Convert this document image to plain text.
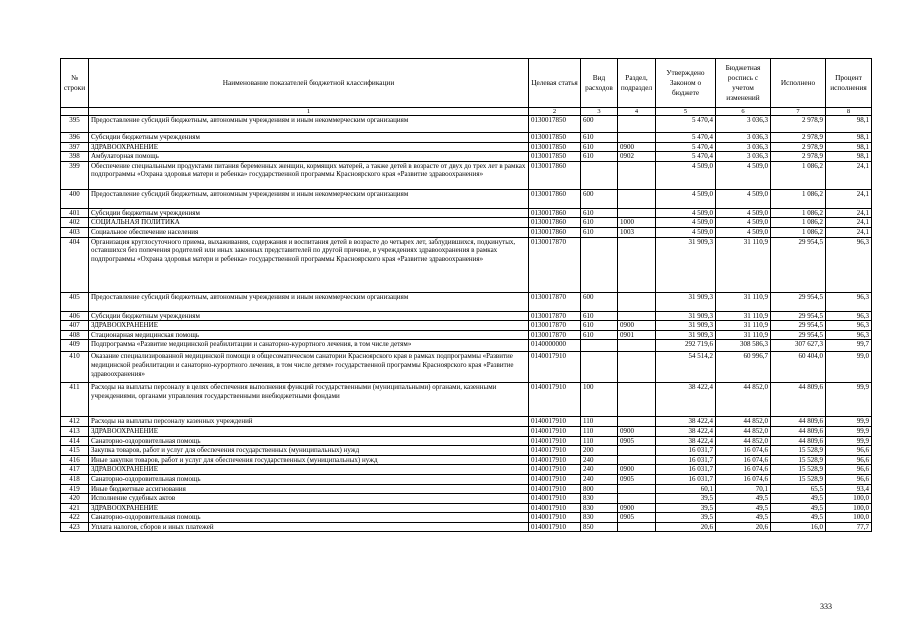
№ строки	Наименование показателей бюджетной классификации	Целевая статья	Вид расходов	Раздел, подраздел	Утверждено Законом о бюджете	Бюджетная роспись с учетом изменений	Исполнено	Процент исполнения
	1	2	3	4	5	6	7	8
395	Предоставление субсидий бюджетным, автономным учреждениям и иным некоммерческим организациям	0130017850	600		5 470,4	3 036,3	2 978,9	98,1
396	Субсидии бюджетным учреждениям	0130017850	610		5 470,4	3 036,3	2 978,9	98,1
397	ЗДРАВООХРАНЕНИЕ	0130017850	610	0900	5 470,4	3 036,3	2 978,9	98,1
398	Амбулаторная помощь	0130017850	610	0902	5 470,4	3 036,3	2 978,9	98,1
399	Обеспечение специальными продуктами питания беременных женщин, кормящих матерей, а также детей в возрасте от двух до трех лет в рамках подпрограммы «Охрана здоровья матери и ребенка» государственной программы Красноярского края «Развитие здравоохранения»	0130017860			4 509,0	4 509,0	1 086,2	24,1
400	Предоставление субсидий бюджетным, автономным учреждениям и иным некоммерческим организациям	0130017860	600		4 509,0	4 509,0	1 086,2	24,1
401	Субсидии бюджетным учреждениям	0130017860	610		4 509,0	4 509,0	1 086,2	24,1
402	СОЦИАЛЬНАЯ ПОЛИТИКА	0130017860	610	1000	4 509,0	4 509,0	1 086,2	24,1
403	Социальное обеспечение населения	0130017860	610	1003	4 509,0	4 509,0	1 086,2	24,1
404	Организация круглосуточного приема, выхаживания, содержания и воспитания детей в возрасте до четырех лет, заблудившихся, подкинутых, оставшихся без попечения родителей или иных законных представителей по другой причине, в учреждениях здравоохранения в рамках подпрограммы «Охрана здоровья матери и ребенка» государственной программы Красноярского края «Развитие здравоохранения»	0130017870			31 909,3	31 110,9	29 954,5	96,3
405	Предоставление субсидий бюджетным, автономным учреждениям и иным некоммерческим организациям	0130017870	600		31 909,3	31 110,9	29 954,5	96,3
406	Субсидии бюджетным учреждениям	0130017870	610		31 909,3	31 110,9	29 954,5	96,3
407	ЗДРАВООХРАНЕНИЕ	0130017870	610	0900	31 909,3	31 110,9	29 954,5	96,3
408	Стационарная медицинская помощь	0130017870	610	0901	31 909,3	31 110,9	29 954,5	96,3
409	Подпрограмма «Развитие медицинской реабилитации и санаторно-курортного лечения, в том числе детям»	0140000000			292 719,6	308 586,3	307 627,3	99,7
410	Оказание специализированной медицинской помощи в общесоматическом санатории Красноярского края в рамках подпрограммы «Развитие медицинской реабилитации и санаторно-курортного лечения, в том числе детям» государственной программы Красноярского края «Развитие здравоохранения»	0140017910			54 514,2	60 996,7	60 404,0	99,0
411	Расходы на выплаты персоналу в целях обеспечения выполнения функций государственными (муниципальными) органами, казенными учреждениями, органами управления государственными внебюджетными фондами	0140017910	100		38 422,4	44 852,0	44 809,6	99,9
412	Расходы на выплаты персоналу казенных учреждений	0140017910	110		38 422,4	44 852,0	44 809,6	99,9
413	ЗДРАВООХРАНЕНИЕ	0140017910	110	0900	38 422,4	44 852,0	44 809,6	99,9
414	Санаторно-оздоровительная помощь	0140017910	110	0905	38 422,4	44 852,0	44 809,6	99,9
415	Закупка товаров, работ и услуг для обеспечения государственных (муниципальных) нужд	0140017910	200		16 031,7	16 074,6	15 528,9	96,6
416	Иные закупки товаров, работ и услуг для обеспечения государственных (муниципальных) нужд	0140017910	240		16 031,7	16 074,6	15 528,9	96,6
417	ЗДРАВООХРАНЕНИЕ	0140017910	240	0900	16 031,7	16 074,6	15 528,9	96,6
418	Санаторно-оздоровительная помощь	0140017910	240	0905	16 031,7	16 074,6	15 528,9	96,6
419	Иные бюджетные ассигнования	0140017910	800		60,1	70,1	65,5	93,4
420	Исполнение судебных актов	0140017910	830		39,5	49,5	49,5	100,0
421	ЗДРАВООХРАНЕНИЕ	0140017910	830	0900	39,5	49,5	49,5	100,0
422	Санаторно-оздоровительная помощь	0140017910	830	0905	39,5	49,5	49,5	100,0
423	Уплата налогов, сборов и иных платежей	0140017910	850		20,6	20,6	16,0	77,7
333
